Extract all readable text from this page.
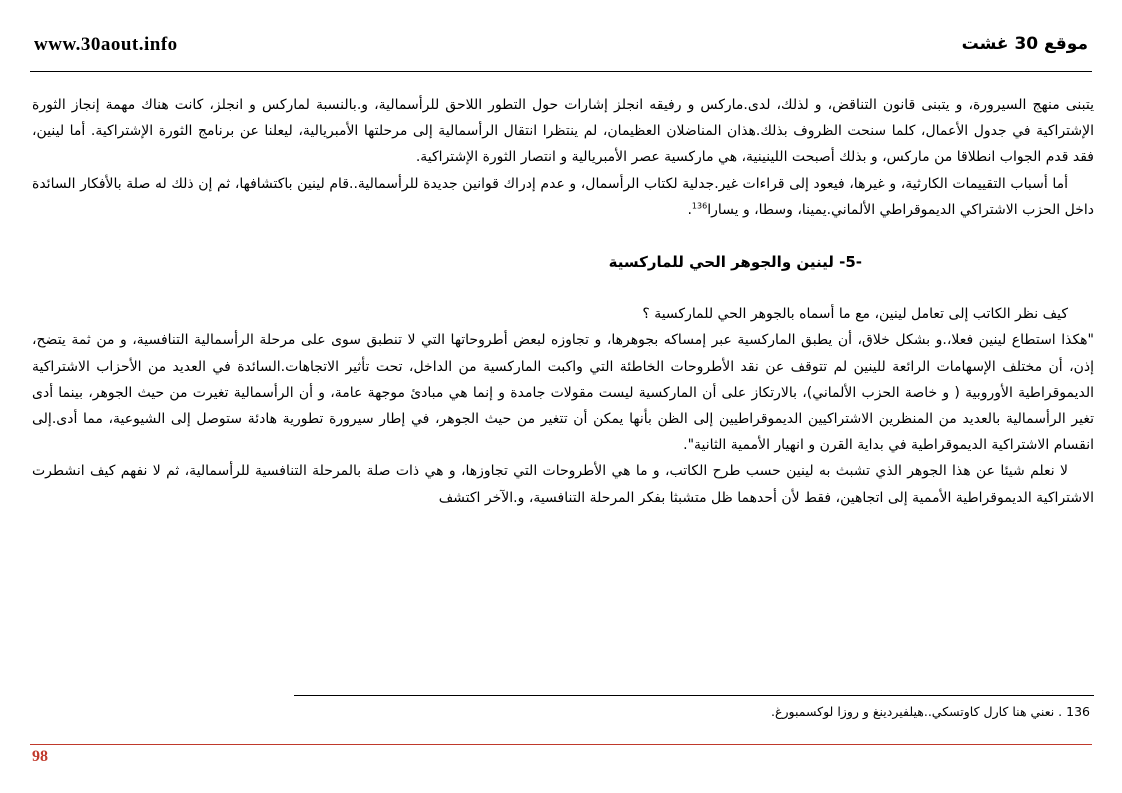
www.30aout.info	موقع 30 غشت

يتبنى منهج السيرورة، و يتبنى قانون التناقض، و لذلك، لدى.ماركس و رفيقه انجلز إشارات حول التطور اللاحق للرأسمالية، و.بالنسبة لماركس و انجلز، كانت هناك مهمة إنجاز الثورة الإشتراكية في جدول الأعمال، كلما سنحت الظروف بذلك.هذان المناضلان العظيمان، لم ينتظرا انتقال الرأسمالية إلى مرحلتها الأمبريالية، ليعلنا عن برنامج الثورة الإشتراكية. أما لينين، فقد قدم الجواب انطلاقا من ماركس، و بذلك أصبحت اللينينية، هي ماركسية عصر الأمبريالية و انتصار الثورة الإشتراكية.

أما أسباب التقييمات الكارثية، و غيرها، فيعود إلى قراءات غير.جدلية لكتاب الرأسمال، و عدم إدراك قوانين جديدة للرأسمالية..قام لينين باكتشافها، ثم إن ذلك له صلة بالأفكار السائدة داخل الحزب الاشتراكي الديموقراطي الألماني.يمينا، وسطا، و يسارا$^{136}$.

-5- لينين والجوهر الحي للماركسية

كيف نظر الكاتب إلى تعامل لينين، مع ما أسماه بالجوهر الحي للماركسية ؟

"هكذا استطاع لينين فعلا،.و بشكل خلاق، أن يطبق الماركسية عبر إمساكه بجوهرها، و تجاوزه لبعض أطروحاتها التي لا تنطبق سوى على مرحلة الرأسمالية التنافسية، و من ثمة يتضح، إذن، أن مختلف الإسهامات الرائعة للينين لم تتوقف عن نقد الأطروحات الخاطئة التي واكبت الماركسية من الداخل، تحت تأثير الاتجاهات.السائدة في العديد من الأحزاب الاشتراكية الديموقراطية الأوروبية ( و خاصة الحزب الألماني)، بالارتكاز على أن الماركسية ليست مقولات جامدة و إنما هي مبادئ موجهة عامة، و أن الرأسمالية تغيرت من حيث الجوهر، بينما أدى تغير الرأسمالية بالعديد من المنظرين الاشتراكيين الديموقراطيين إلى الظن بأنها يمكن أن تتغير من حيث الجوهر، في إطار سيرورة تطورية هادئة ستوصل إلى الشيوعية، مما أدى.إلى انقسام الاشتراكية الديموقراطية في بداية القرن و انهيار الأممية الثانية".

لا نعلم شيئا عن هذا الجوهر الذي تشبث به لينين حسب طرح الكاتب، و ما هي الأطروحات التي تجاوزها، و هي ذات صلة بالمرحلة التنافسية للرأسمالية، ثم لا نفهم كيف انشطرت الاشتراكية الديموقراطية الأممية إلى اتجاهين، فقط لأن أحدهما ظل متشبثا بفكر المرحلة التنافسية، و.الآخر اكتشف

136 . نعني هنا كارل كاوتسكي..هيلفيردينغ و روزا لوكسمبورغ.
98
